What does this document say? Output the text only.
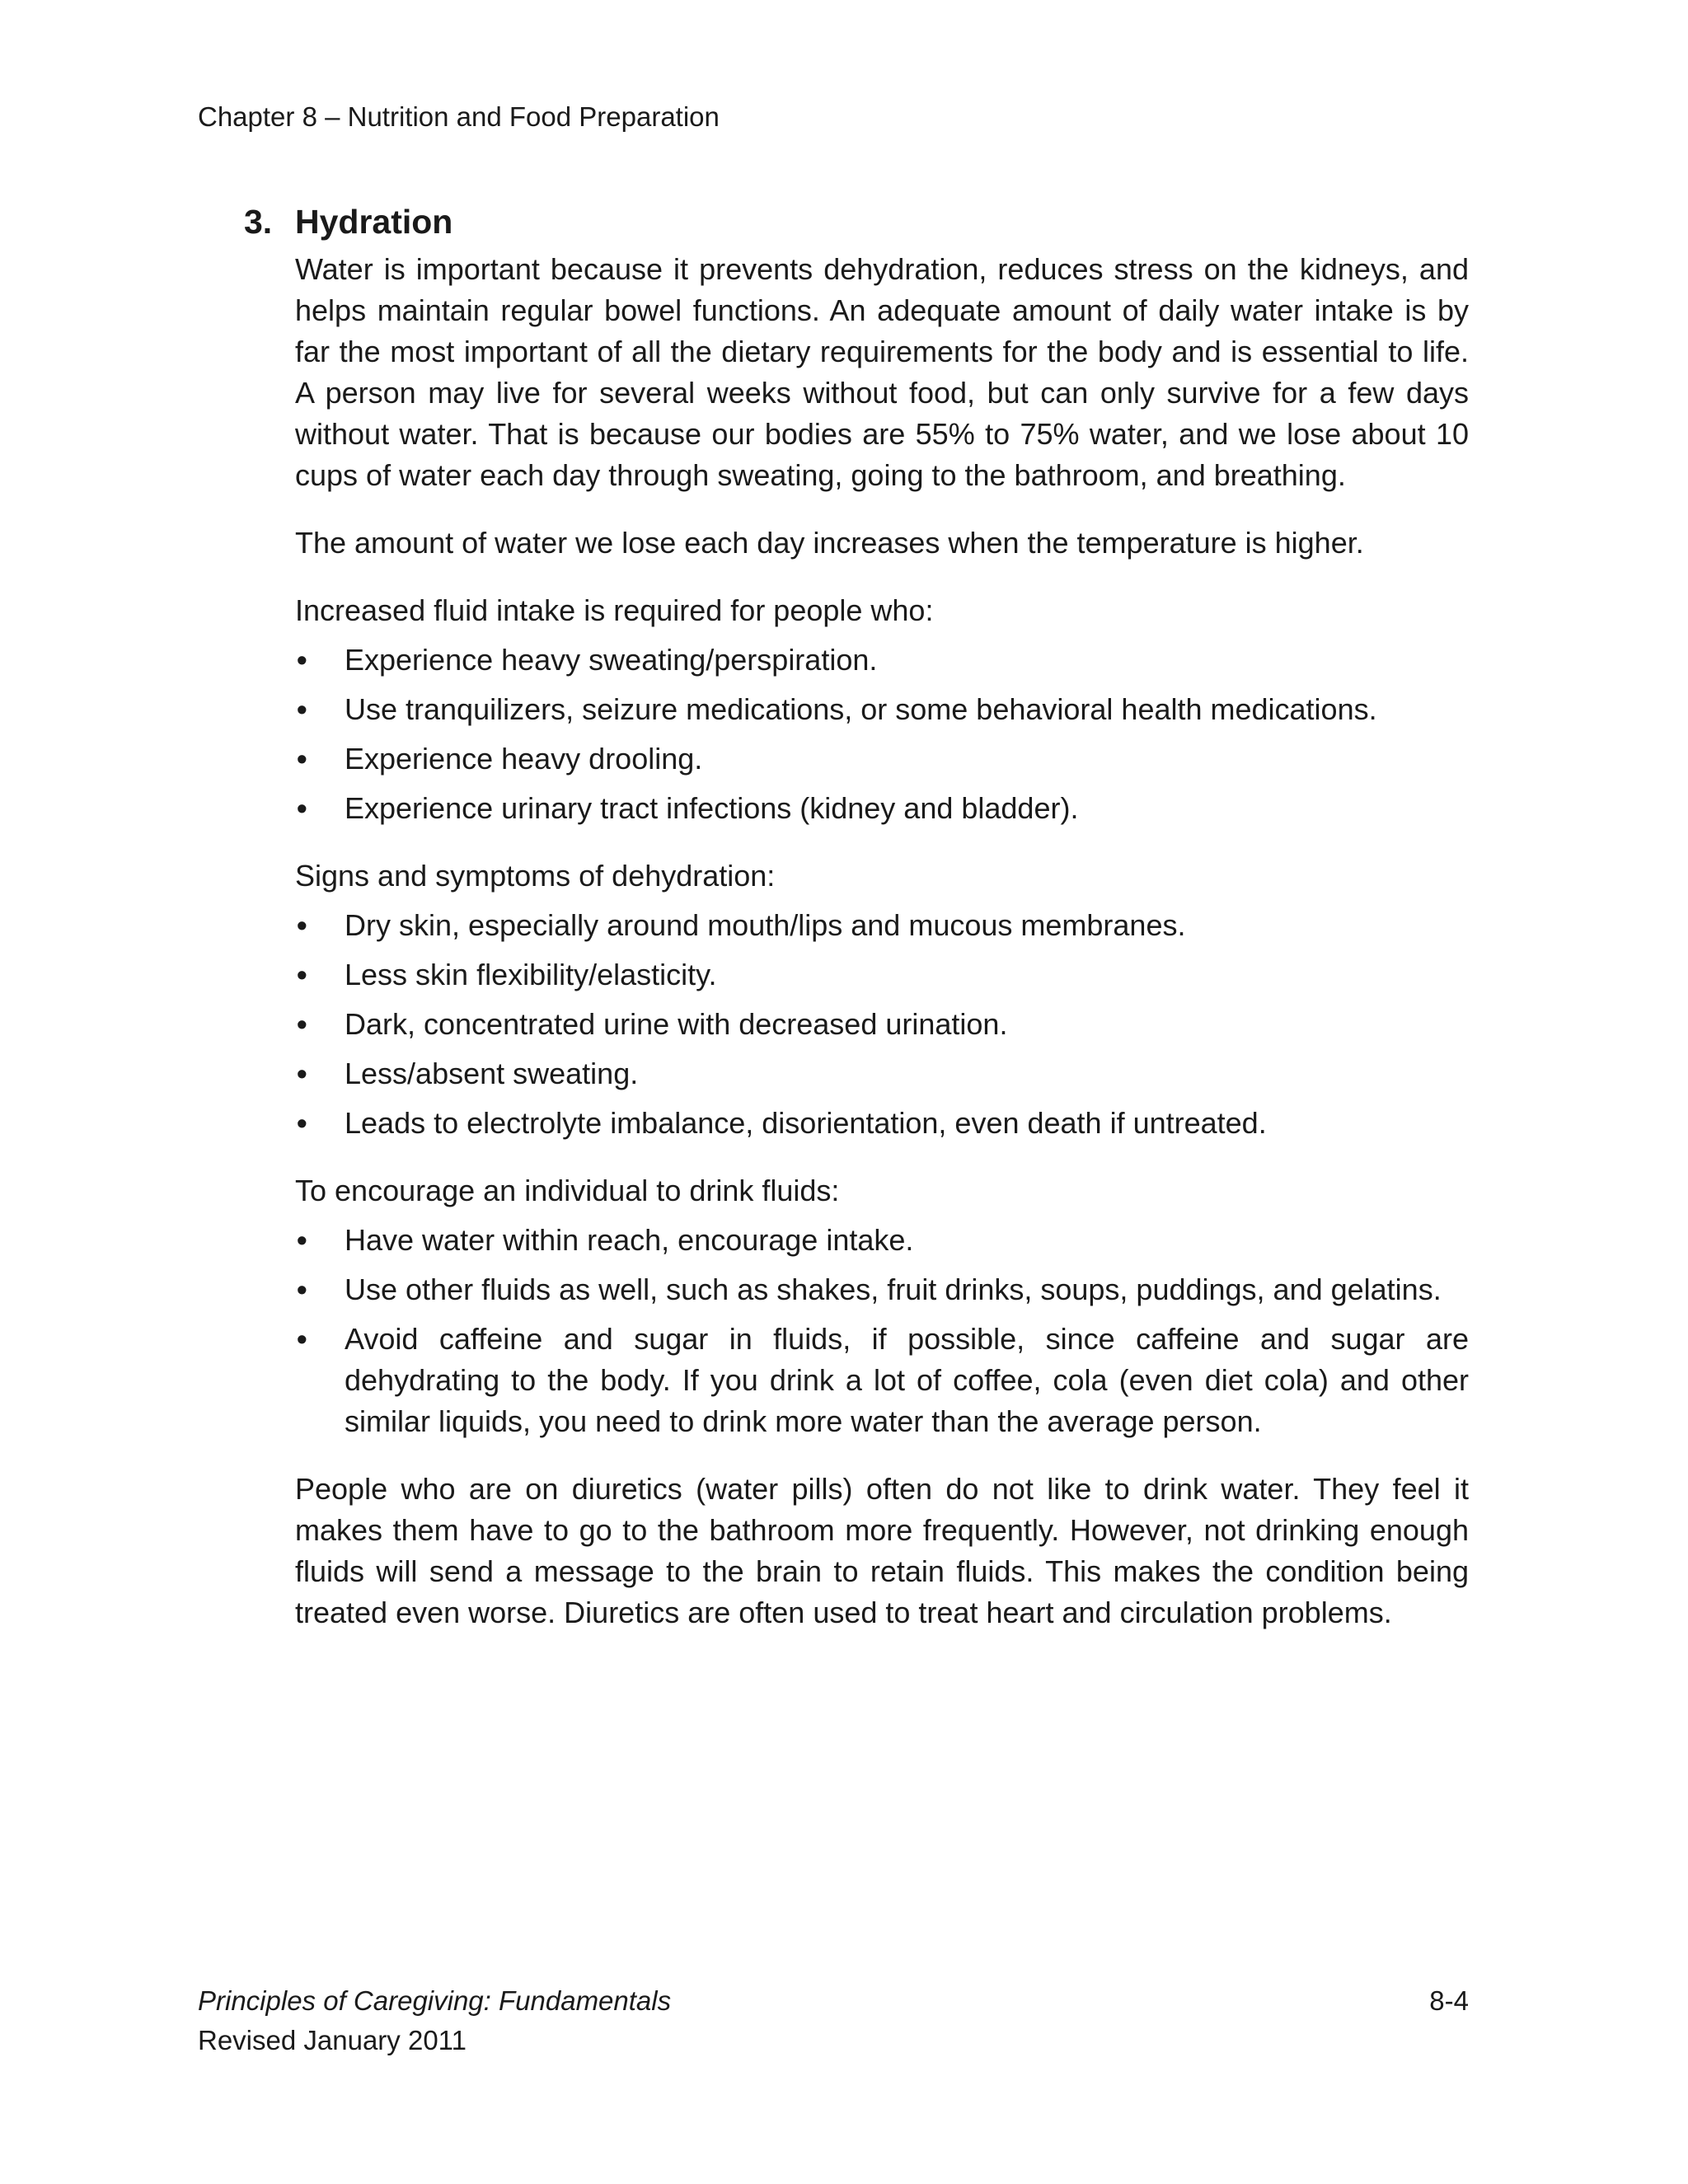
Chapter 8 – Nutrition and Food Preparation
3. Hydration

Water is important because it prevents dehydration, reduces stress on the kidneys, and helps maintain regular bowel functions. An adequate amount of daily water intake is by far the most important of all the dietary requirements for the body and is essential to life. A person may live for several weeks without food, but can only survive for a few days without water. That is because our bodies are 55% to 75% water, and we lose about 10 cups of water each day through sweating, going to the bathroom, and breathing.

The amount of water we lose each day increases when the temperature is higher.

Increased fluid intake is required for people who:

• Experience heavy sweating/perspiration.
• Use tranquilizers, seizure medications, or some behavioral health medications.
• Experience heavy drooling.
• Experience urinary tract infections (kidney and bladder).

Signs and symptoms of dehydration:

• Dry skin, especially around mouth/lips and mucous membranes.
• Less skin flexibility/elasticity.
• Dark, concentrated urine with decreased urination.
• Less/absent sweating.
• Leads to electrolyte imbalance, disorientation, even death if untreated.

To encourage an individual to drink fluids:

• Have water within reach, encourage intake.
• Use other fluids as well, such as shakes, fruit drinks, soups, puddings, and gelatins.
• Avoid caffeine and sugar in fluids, if possible, since caffeine and sugar are dehydrating to the body. If you drink a lot of coffee, cola (even diet cola) and other similar liquids, you need to drink more water than the average person.

People who are on diuretics (water pills) often do not like to drink water. They feel it makes them have to go to the bathroom more frequently. However, not drinking enough fluids will send a message to the brain to retain fluids. This makes the condition being treated even worse. Diuretics are often used to treat heart and circulation problems.

Principles of Caregiving: Fundamentals	8-4
Revised January 2011
